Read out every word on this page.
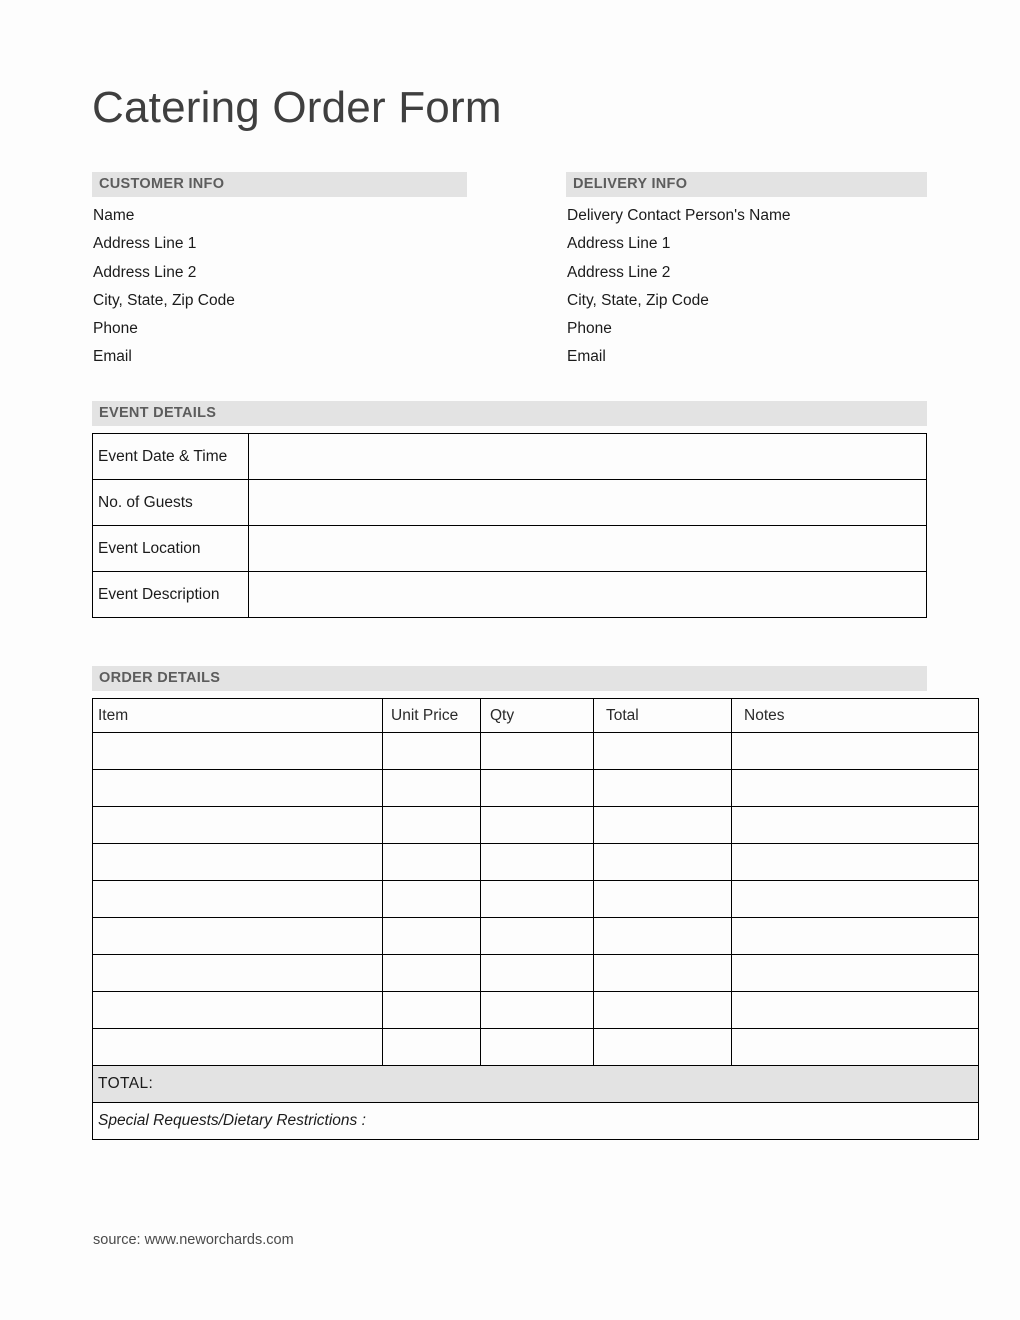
Catering Order Form
CUSTOMER INFO
Name
Address Line 1
Address Line 2
City, State, Zip Code
Phone
Email
DELIVERY INFO
Delivery Contact Person's Name
Address Line 1
Address Line 2
City, State, Zip Code
Phone
Email
EVENT DETAILS
Event Date & Time	
No. of Guests	
Event Location	
Event Description	
ORDER DETAILS
Item	Unit Price	Qty	Total	Notes

TOTAL:				
Special Requests/Dietary Restrictions :				
source: www.neworchards.com
